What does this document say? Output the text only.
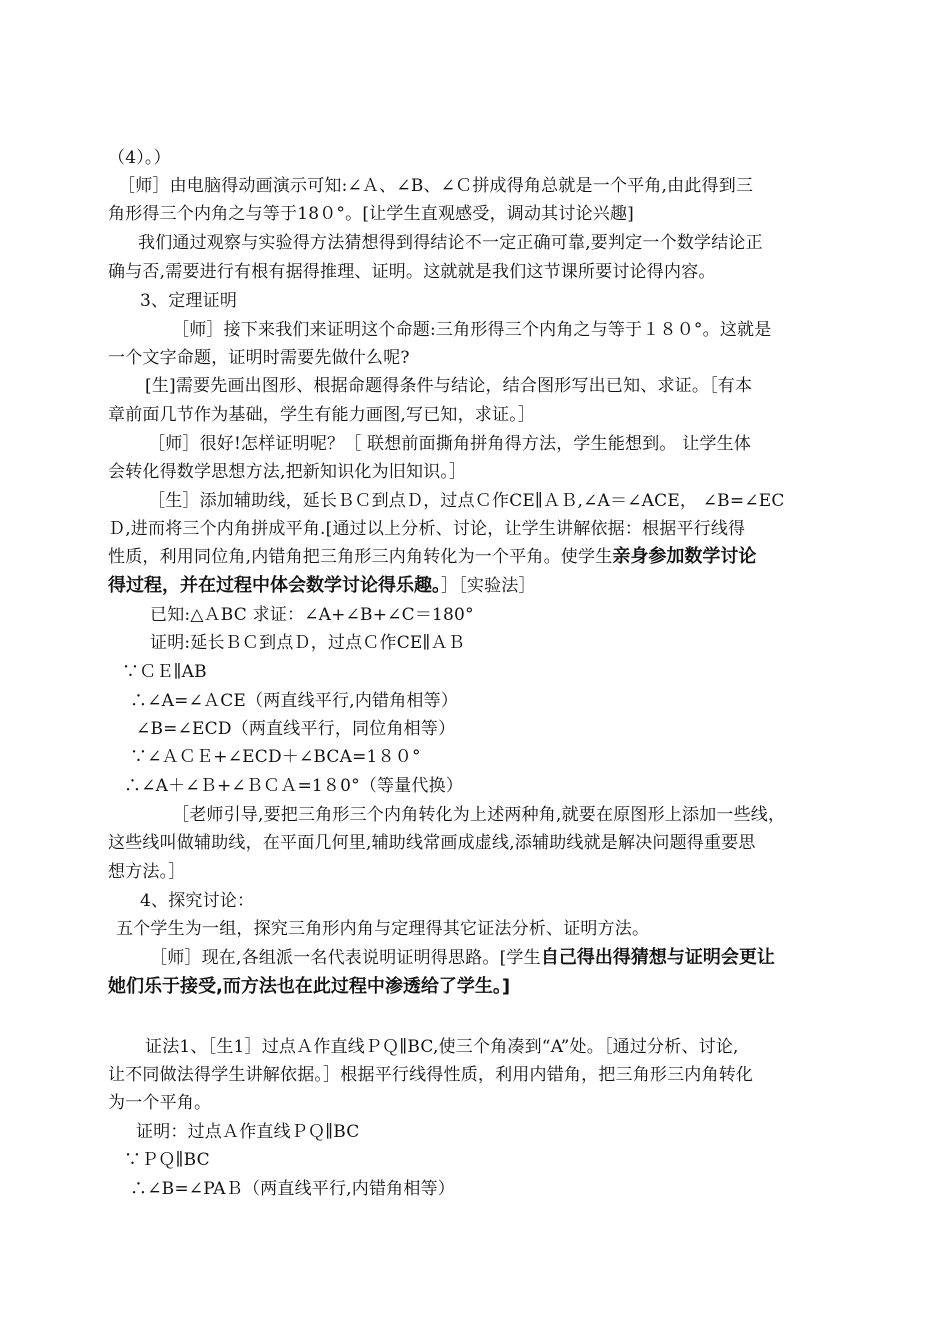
（4）。）
［师］由电脑得动画演示可知:∠Ａ、∠B、∠Ｃ拼成得角总就是一个平角,由此得到三
角形得三个内角之与等于18０°。[让学生直观感受，调动其讨论兴趣]
我们通过观察与实验得方法猜想得到得结论不一定正确可靠,要判定一个数学结论正
确与否,需要进行有根有据得推理、证明。这就就是我们这节课所要讨论得内容。
3、定理证明
［师］接下来我们来证明这个命题:三角形得三个内角之与等于１８０°。这就是
一个文字命题，证明时需要先做什么呢?
[生]需要先画出图形、根据命题得条件与结论，结合图形写出已知、求证。［有本
章前面几节作为基础，学生有能力画图,写已知，求证。］
［师］很好!怎样证明呢？［ 联想前面撕角拼角得方法，学生能想到。 让学生体
会转化得数学思想方法,把新知识化为旧知识。］
［生］添加辅助线，延长ＢＣ到点Ｄ，过点Ｃ作CE∥ＡＢ,∠A＝∠ACE， ∠B=∠EC
Ｄ,进而将三个内角拼成平角.[通过以上分析、讨论，让学生讲解依据：根据平行线得
性质，利用同位角,内错角把三角形三内角转化为一个平角。使学生亲身参加数学讨论
得过程，并在过程中体会数学讨论得乐趣。］［实验法］
已知:△ＡBC 求证：∠A+∠B+∠C＝180°
证明:延长ＢＣ到点Ｄ，过点Ｃ作CE∥ＡＢ
∵ＣＥ∥AB
∴∠A=∠ＡCE（两直线平行,内错角相等）
∠B=∠ECD（两直线平行，同位角相等）
∵∠ＡＣＥ+∠ECD＋∠BCA=1８０°
∴∠A＋∠Ｂ+∠ＢＣＡ=1８0°（等量代换）
［老师引导,要把三角形三个内角转化为上述两种角,就要在原图形上添加一些线，
这些线叫做辅助线，在平面几何里,辅助线常画成虚线,添辅助线就是解决问题得重要思
想方法。］
4、探究讨论：
五个学生为一组，探究三角形内角与定理得其它证法分析、证明方法。
［师］现在,各组派一名代表说明证明得思路。[学生自己得出得猜想与证明会更让
她们乐于接受,而方法也在此过程中渗透给了学生。]
证法1、［生1］过点Ａ作直线ＰＱ∥BC,使三个角凑到“A”处。［通过分析、讨论,
让不同做法得学生讲解依据。］根据平行线得性质，利用内错角，把三角形三内角转化
为一个平角。
证明：过点Ａ作直线ＰＱ∥BC
∵ＰＱ∥BC
∴∠B=∠PAＢ（两直线平行,内错角相等）
